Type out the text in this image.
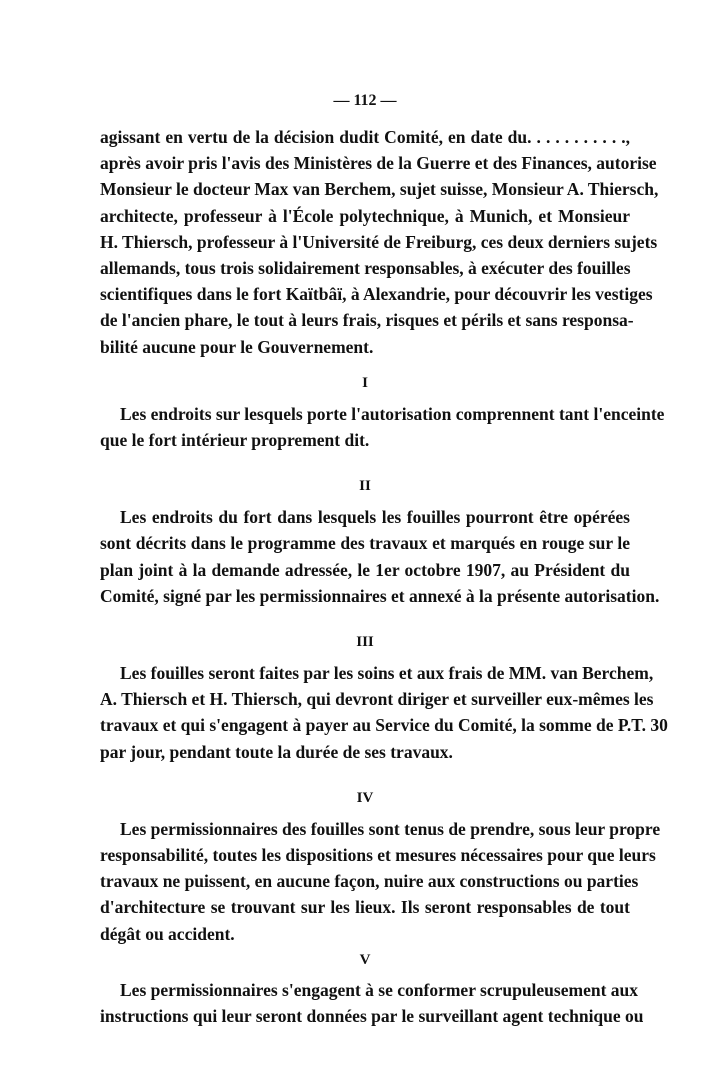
— 112 —
agissant en vertu de la décision dudit Comité, en date du. . . . . . . . . . .,
après avoir pris l'avis des Ministères de la Guerre et des Finances, autorise
Monsieur le docteur Max van Berchem, sujet suisse, Monsieur A. Thiersch,
architecte, professeur à l'École polytechnique, à Munich, et Monsieur
H. Thiersch, professeur à l'Université de Freiburg, ces deux derniers sujets
allemands, tous trois solidairement responsables, à exécuter des fouilles
scientifiques dans le fort Kaïtbâï, à Alexandrie, pour découvrir les vestiges
de l'ancien phare, le tout à leurs frais, risques et périls et sans responsa-
bilité aucune pour le Gouvernement.
I
Les endroits sur lesquels porte l'autorisation comprennent tant l'enceinte
que le fort intérieur proprement dit.
II
Les endroits du fort dans lesquels les fouilles pourront être opérées
sont décrits dans le programme des travaux et marqués en rouge sur le
plan joint à la demande adressée, le 1er octobre 1907, au Président du
Comité, signé par les permissionnaires et annexé à la présente autorisation.
III
Les fouilles seront faites par les soins et aux frais de MM. van Berchem,
A. Thiersch et H. Thiersch, qui devront diriger et surveiller eux-mêmes les
travaux et qui s'engagent à payer au Service du Comité, la somme de P.T. 30
par jour, pendant toute la durée de ses travaux.
IV
Les permissionnaires des fouilles sont tenus de prendre, sous leur propre
responsabilité, toutes les dispositions et mesures nécessaires pour que leurs
travaux ne puissent, en aucune façon, nuire aux constructions ou parties
d'architecture se trouvant sur les lieux. Ils seront responsables de tout
dégât ou accident.
V
Les permissionnaires s'engagent à se conformer scrupuleusement aux
instructions qui leur seront données par le surveillant agent technique ou
